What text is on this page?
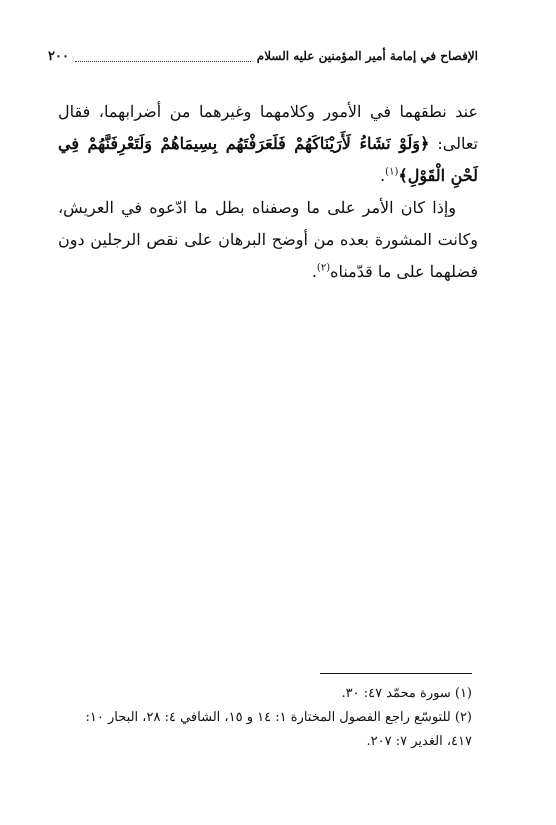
الإفصاح في إمامة أمير المؤمنين عليه السلام
٢٠٠

عند نطقهما في الأمور وكلامهما وغيرهما من أضرابهما، فقال تعالى: ﴿وَلَوْ نَشَاءُ لَأَرَيْنَاكَهُمْ فَلَعَرَفْتَهُم بِسِيمَاهُمْ وَلَتَعْرِفَنَّهُمْ فِي لَحْنِ الْقَوْلِ﴾$^{(١)}$.

وإذا كان الأمر على ما وصفناه بطل ما ادّعوه في العريش، وكانت المشورة بعده من أوضح البرهان على نقص الرجلين دون فضلهما على ما قدّمناه$^{(٢)}$.

(١) سورة محمّد ٤٧: ٣٠.

(٢) للتوسّع راجع الفصول المختارة ١: ١٤ و ١٥، الشافي ٤: ٢٨، البحار ١٠: ٤١٧، الغدير ٧: ٢٠٧.
